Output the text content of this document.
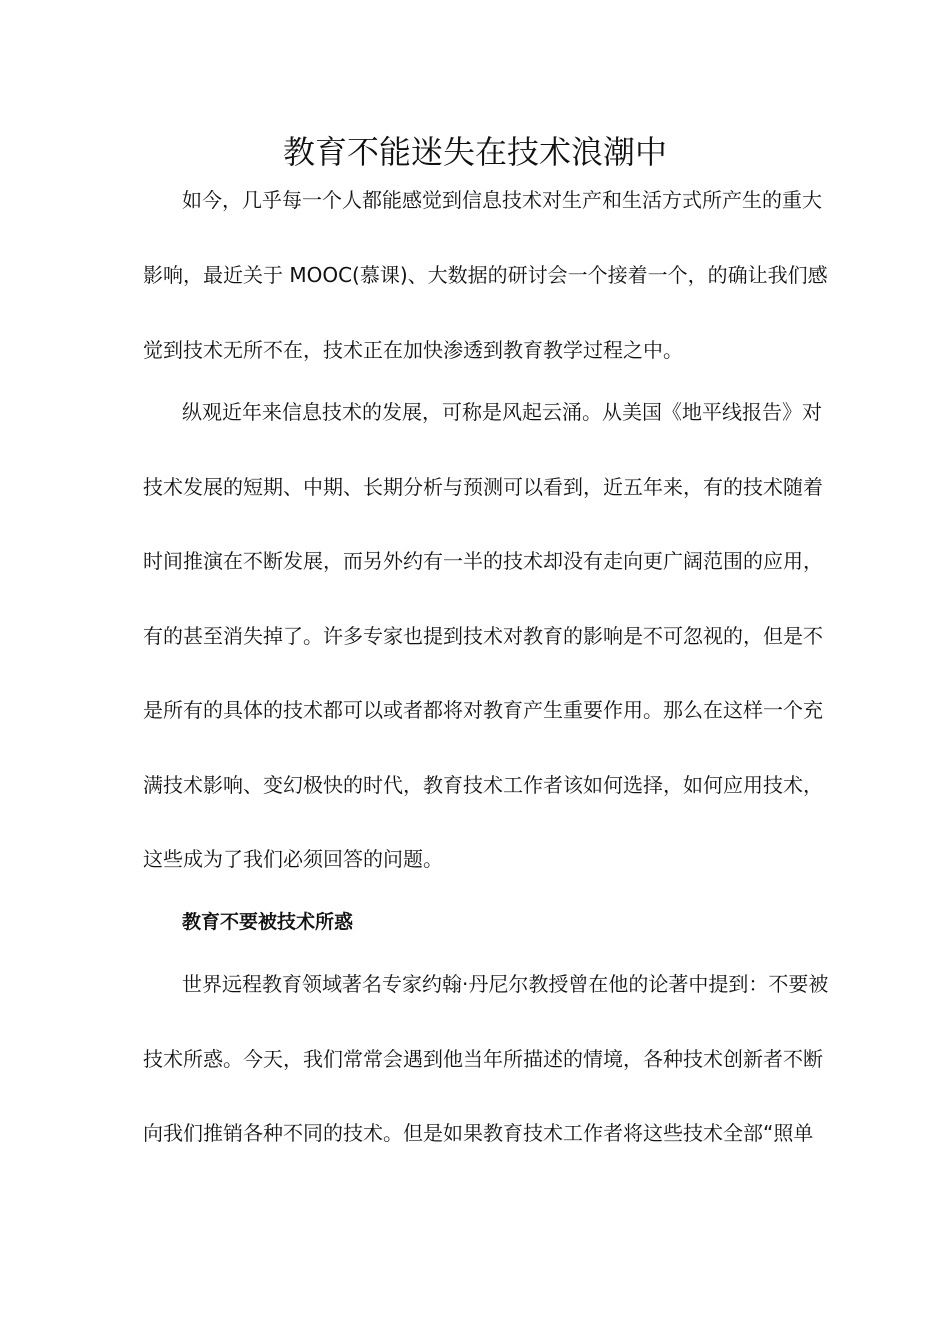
教育不能迷失在技术浪潮中

如今，几乎每一个人都能感觉到信息技术对生产和生活方式所产生的重大

影响，最近关于 MOOC(慕课)、大数据的研讨会一个接着一个，的确让我们感

觉到技术无所不在，技术正在加快渗透到教育教学过程之中。

纵观近年来信息技术的发展，可称是风起云涌。从美国《地平线报告》对

技术发展的短期、中期、长期分析与预测可以看到，近五年来，有的技术随着

时间推演在不断发展，而另外约有一半的技术却没有走向更广阔范围的应用，

有的甚至消失掉了。许多专家也提到技术对教育的影响是不可忽视的，但是不

是所有的具体的技术都可以或者都将对教育产生重要作用。那么在这样一个充

满技术影响、变幻极快的时代，教育技术工作者该如何选择，如何应用技术，

这些成为了我们必须回答的问题。

教育不要被技术所惑

世界远程教育领域著名专家约翰·丹尼尔教授曾在他的论著中提到：不要被

技术所惑。今天，我们常常会遇到他当年所描述的情境，各种技术创新者不断

向我们推销各种不同的技术。但是如果教育技术工作者将这些技术全部“照单
